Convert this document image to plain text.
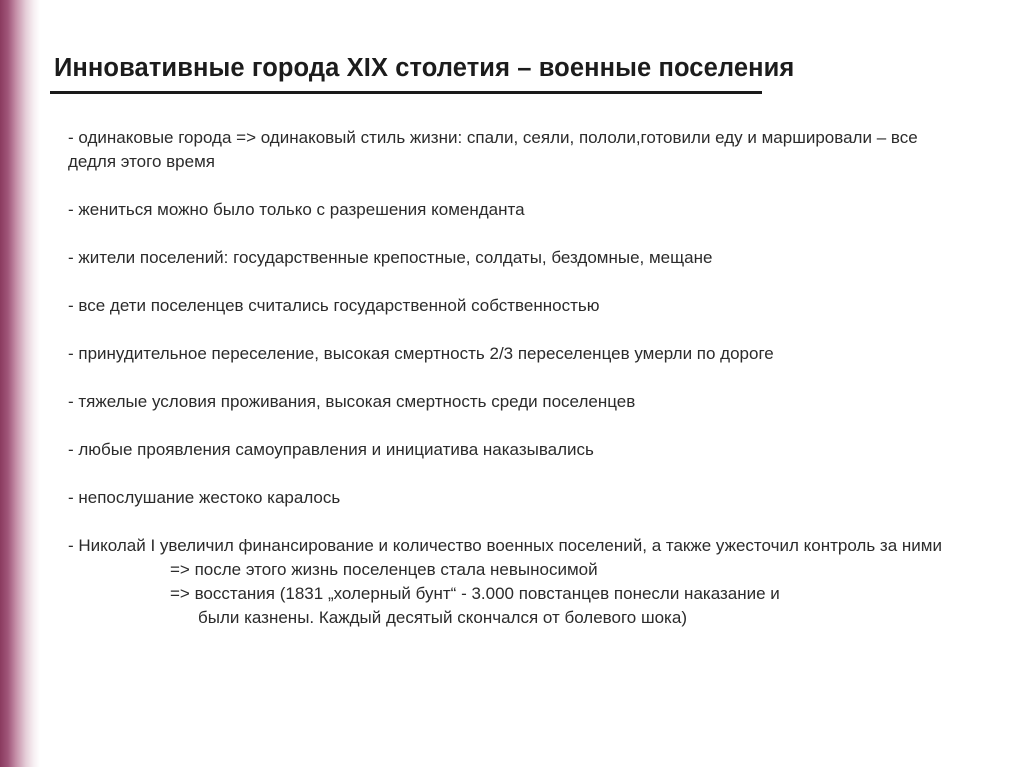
Инновативные города XIX столетия – военные поселения

- одинаковые города => одинаковый стиль жизни: спали, сеяли, пололи,готовили еду и маршировали – все дедля этого время

- жениться можно было только с разрешения коменданта

- жители поселений: государственные крепостные, солдаты, бездомные, мещане

- все дети поселенцев считались государственной собственностью

- принудительное переселение, высокая смертность 2/3 переселенцев умерли по дороге

- тяжелые условия проживания, высокая смертность среди поселенцев

- любые проявления самоуправления и инициатива наказывались

- непослушание жестоко каралось

- Николай I увеличил финансирование и количество военных поселений, а также ужесточил контроль за ними
=> после этого жизнь поселенцев стала невыносимой
=> восстания (1831 „холерный бунт“ - 3.000 повстанцев понесли наказание и
были казнены. Каждый десятый скончался от болевого шока)
